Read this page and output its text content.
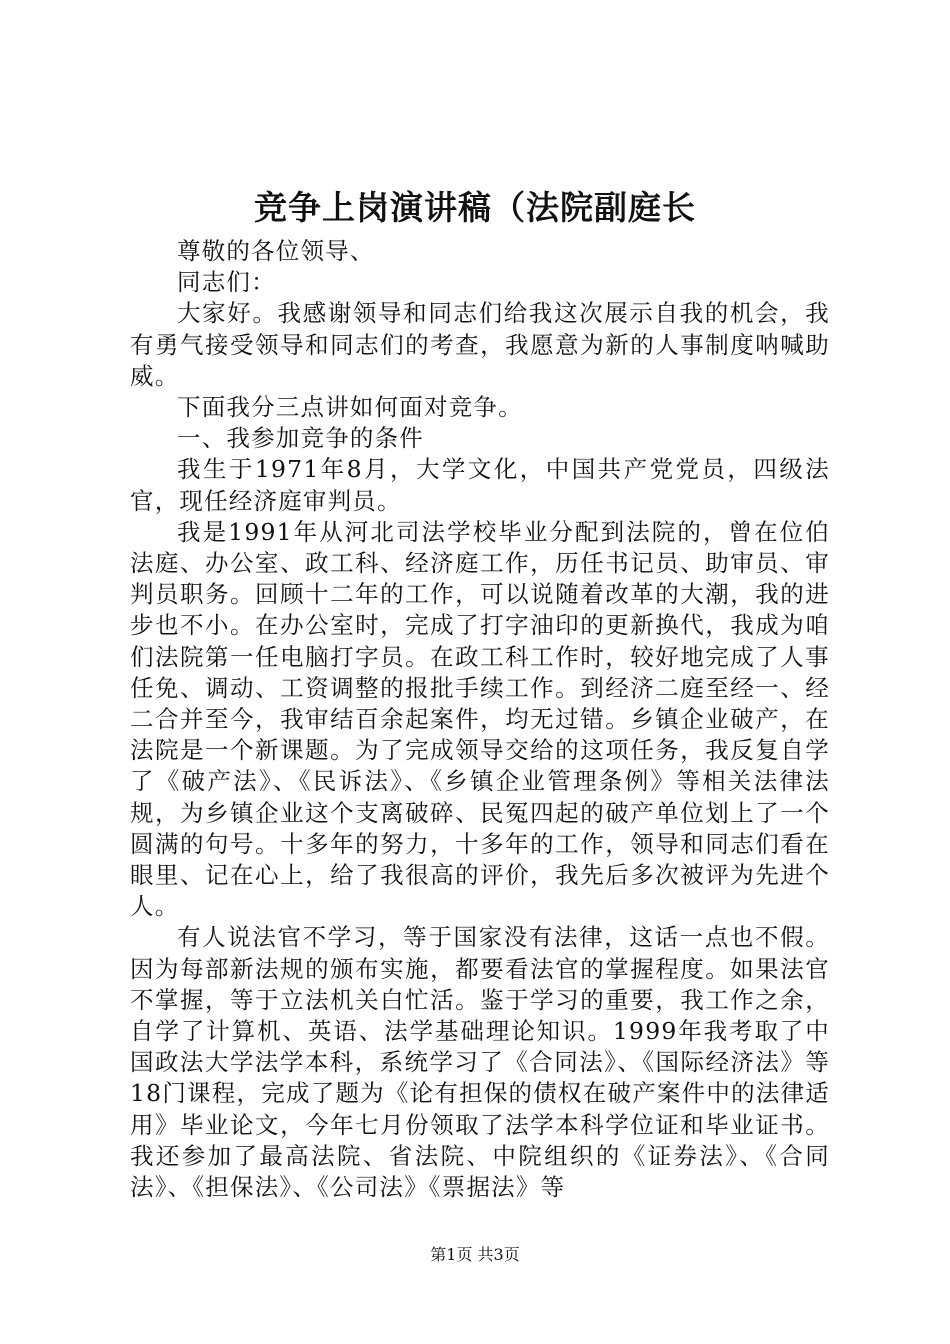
竞争上岗演讲稿（法院副庭长

尊敬的各位领导、

同志们：

大家好。我感谢领导和同志们给我这次展示自我的机会，我有勇气接受领导和同志们的考查，我愿意为新的人事制度呐喊助威。

下面我分三点讲如何面对竞争。

一、我参加竞争的条件

我生于1971年8月，大学文化，中国共产党党员，四级法官，现任经济庭审判员。

我是1991年从河北司法学校毕业分配到法院的，曾在位伯法庭、办公室、政工科、经济庭工作，历任书记员、助审员、审判员职务。回顾十二年的工作，可以说随着改革的大潮，我的进步也不小。在办公室时，完成了打字油印的更新换代，我成为咱们法院第一任电脑打字员。在政工科工作时，较好地完成了人事任免、调动、工资调整的报批手续工作。到经济二庭至经一、经二合并至今，我审结百余起案件，均无过错。乡镇企业破产，在法院是一个新课题。为了完成领导交给的这项任务，我反复自学了《破产法》、《民诉法》、《乡镇企业管理条例》等相关法律法规，为乡镇企业这个支离破碎、民冤四起的破产单位划上了一个圆满的句号。十多年的努力，十多年的工作，领导和同志们看在眼里、记在心上，给了我很高的评价，我先后多次被评为先进个人。

有人说法官不学习，等于国家没有法律，这话一点也不假。因为每部新法规的颁布实施，都要看法官的掌握程度。如果法官不掌握，等于立法机关白忙活。鉴于学习的重要，我工作之余，自学了计算机、英语、法学基础理论知识。1999年我考取了中国政法大学法学本科，系统学习了《合同法》、《国际经济法》等18门课程，完成了题为《论有担保的债权在破产案件中的法律适用》毕业论文，今年七月份领取了法学本科学位证和毕业证书。我还参加了最高法院、省法院、中院组织的《证券法》、《合同法》、《担保法》、《公司法》《票据法》等

第1页 共3页
